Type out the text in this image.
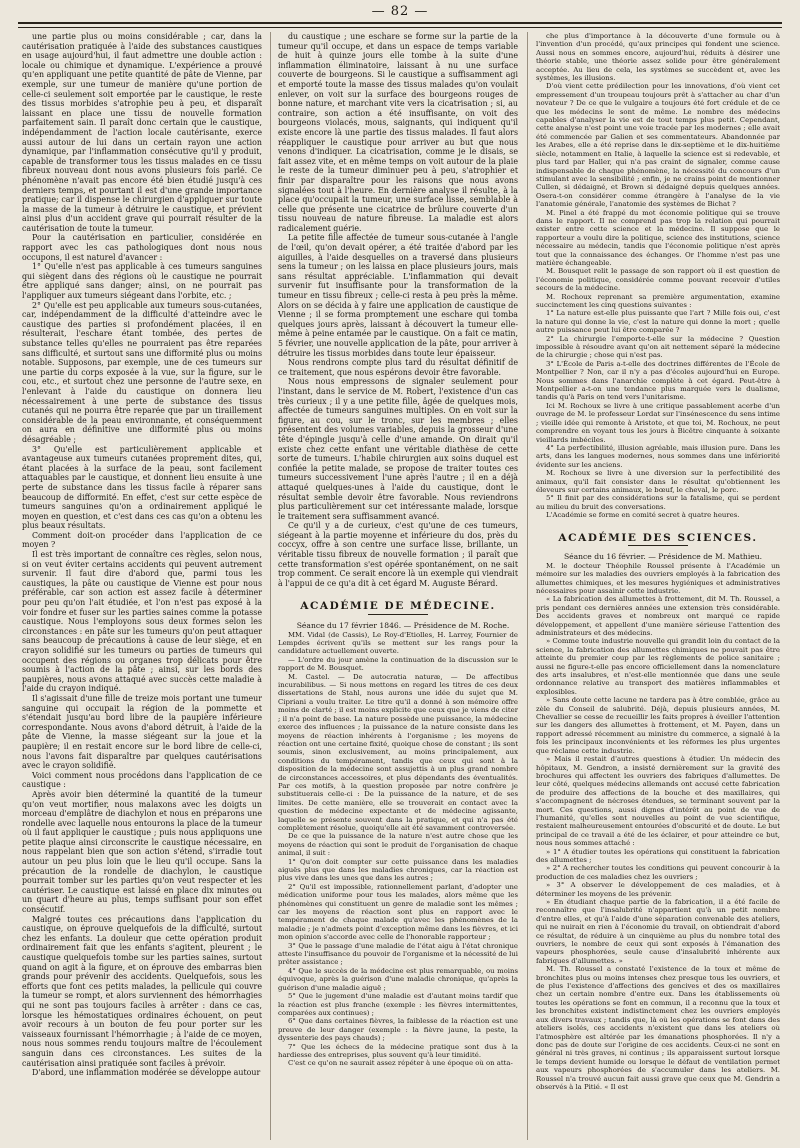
— 82 —

une partie plus ou moins considérable ; car, dans la cautérisation pratiquée à l'aide des substances caustiques en usage aujourd'hui, il faut admettre une double action : locale ou chimique et dynamique. L'expérience a prouvé qu'en appliquant une petite quantité de pâte de Vienne, par exemple, sur une tumeur de manière qu'une portion de celle-ci seulement soit emportée par le caustique, le reste des tissus morbides s'atrophie peu à peu, et disparaît laissant en place une tissu de nouvelle formation parfaitement sain. Il paraît donc certain que le caustique, indépendamment de l'action locale cautérisante, exerce aussi autour de lui dans un certain rayon une action dynamique, par l'inflammation consécutive qu'il y produit, capable de transformer tous les tissus malades en ce tissu fibreux nouveau dont nous avons plusieurs fois parlé. Ce phénomène n'avait pas encore été bien étudié jusqu'à ces derniers temps, et pourtant il est d'une grande importance pratique; car il dispense le chirurgien d'appliquer sur toute la masse de la tumeur à détruire le caustique, et prévient ainsi plus d'un accident grave qui pourrait résulter de la cautérisation de toute la tumeur.

Pour la cautérisation en particulier, considérée en rapport avec les cas pathologiques dont nous nous occupons, il est naturel d'avancer :

1° Qu'elle n'est pas applicable à ces tumeurs sanguines qui siègent dans des régions où le caustique ne pourrait être appliqué sans danger; ainsi, on ne pourrait pas l'appliquer aux tumeurs siégeant dans l'orbite, etc. ;

2° Qu'elle est peu applicable aux tumeurs sous-cutanées, car, indépendamment de la difficulté d'atteindre avec le caustique des parties si profondément placées, il en résulterait, l'eschare étant tombée, des pertes de substance telles qu'elles ne pourraient pas être reparées sans difficulté, et surtout sans une difformité plus ou moins notable. Supposons, par exemple, une de ces tumeurs sur une partie du corps exposée à la vue, sur la figure, sur le cou, etc., et surtout chez une personne de l'autre sexe, en l'enlevant à l'aide du caustique on donnera lieu nécessairement à une perte de substance des tissus cutanés qui ne pourra être reparée que par un tiraillement considérable de la peau environnante, et conséquemment on aura en définitive une difformité plus ou moins désagréable ;

3° Qu'elle est particulièrement applicable et avantageuse aux tumeurs cutanées proprement dites, qui, étant placées à la surface de la peau, sont facilement attaquables par le caustique, et donnent lieu ensuite à une perte de substance dans les tissus facile à réparer sans beaucoup de difformité. En effet, c'est sur cette espèce de tumeurs sanguines qu'on a ordinairement appliqué le moyen en question, et c'est dans ces cas qu'on a obtenu les plus beaux résultats.

Comment doit-on procéder dans l'application de ce moyen ?

Il est très important de connaître ces règles, selon nous, si on veut éviter certains accidents qui peuvent autrement survenir. Il faut dire d'abord que, parmi tous les caustiques, la pâte ou caustique de Vienne est pour nous préférable, car son action est assez facile à déterminer pour peu qu'on l'ait étudiée, et l'on n'est pas exposé à la voir fondre et fuser sur les parties saines comme la potasse caustique. Nous l'employons sous deux formes selon les circonstances : en pâte sur les tumeurs qu'on peut attaquer sans beaucoup de précautions à cause de leur siège, et en crayon solidifié sur les tumeurs ou parties de tumeurs qui occupent des régions ou organes trop délicats pour être soumis à l'action de la pâte ; ainsi, sur les bords des paupières, nous avons attaqué avec succès cette maladie à l'aide du crayon indiqué.

Il s'agissait d'une fille de treize mois portant une tumeur sanguine qui occupait la région de la pommette et s'étendait jusqu'au bord libre de la paupière inférieure correspondante. Nous avons d'abord détruit, à l'aide de la pâte de Vienne, la masse siégeant sur la joue et la paupière; il en restait encore sur le bord libre de celle-ci, nous l'avons fait disparaître par quelques cautérisations avec le crayon solidifié.

Voici comment nous procédons dans l'application de ce caustique :

Après avoir bien déterminé la quantité de la tumeur qu'on veut mortifier, nous malaxons avec les doigts un morceau d'emplâtre de diachylon et nous en préparons une rondelle avec laquelle nous entourons la place de la tumeur où il faut appliquer le caustique ; puis nous appliquons une petite plaque ainsi circonscrite le caustique nécessaire, en nous rappelant bien que son action s'étend, s'irradie tout autour un peu plus loin que le lieu qu'il occupe. Sans la précaution de la rondelle de diachylon, le caustique pourrait tomber sur les parties qu'on veut respecter et les cautériser. Le caustique est laissé en place dix minutes ou un quart d'heure au plus, temps suffisant pour son effet consécutif.

Malgré toutes ces précautions dans l'application du caustique, on éprouve quelquefois de la difficulté, surtout chez les enfants. La douleur que cette opération produit ordinairement fait que les enfants s'agitent, pleurent ; le caustique quelquefois tombe sur les parties saines, surtout quand on agit à la figure, et on éprouve des embarras bien grands pour prévenir des accidents. Quelquefois, sous les efforts que font ces petits malades, la pellicule qui couvre la tumeur se rompt, et alors surviennent des hémorrhagies qui ne sont pas toujours faciles à arrêter : dans ce cas, lorsque les hémostatiques ordinaires échouent, on peut avoir recours à un bouton de feu pour porter sur les vaisseaux fournissant l'hémorrhagie ; à l'aide de ce moyen, nous nous sommes rendu toujours maître de l'écoulement sanguin dans ces circonstances. Les suites de la cautérisation ainsi pratiquée sont faciles à prévoir.

D'abord, une inflammation modérée se développe autour

du caustique ; une eschare se forme sur la partie de la tumeur qu'il occupe, et dans un espace de temps variable de huit à quinze jours elle tombe à la suite d'une inflammation éliminatoire, laissant à nu une surface couverte de bourgeons. Si le caustique a suffisamment agi et emporté toute la masse des tissus malades qu'on voulait enlever, on voit sur la surface des bourgeons rouges de bonne nature, et marchant vite vers la cicatrisation ; si, au contraire, son action a été insuffisante, on voit des bourgeons violacés, mous, saignants, qui indiquent qu'il existe encore là une partie des tissus malades. Il faut alors réappliquer le caustique pour arriver au but que nous venons d'indiquer. La cicatrisation, comme je le disais, se fait assez vite, et en même temps on voit autour de la plaie le reste de la tumeur diminuer peu à peu, s'atrophier et finir par disparaître pour les raisons que nous avons signalées tout à l'heure. En dernière analyse il résulte, à la place qu'occupait la tumeur, une surface lisse, semblable à celle que présente une cicatrice de brûlure couverte d'un tissu nouveau de nature fibreuse. La maladie est alors radicalement guérie.

La petite fille affectée de tumeur sous-cutanée à l'angle de l'œil, qu'on devait opérer, a été traitée d'abord par les aiguilles, à l'aide desquelles on a traversé dans plusieurs sens la tumeur ; on les laissa en place plusieurs jours, mais sans résultat appréciable. L'inflammation qui devait survenir fut insuffisante pour la transformation de la tumeur en tissu fibreux ; celle-ci resta à peu près la même. Alors on se décida à y faire une application de caustique de Vienne ; il se forma promptement une eschare qui tomba quelques jours après, laissant à découvert la tumeur elle-même à peine entamée par le caustique. On a fait ce matin, 5 février, une nouvelle application de la pâte, pour arriver à détruire les tissus morbides dans toute leur épaisseur.

Nous rendrons compte plus tard du résultat définitif de ce traitement, que nous espérons devoir être favorable.

Nous nous empressons de signaler seulement pour l'instant, dans le service de M. Robert, l'existence d'un cas très curieux ; il y a une petite fille, âgée de quelques mois, affectée de tumeurs sanguines multiples. On en voit sur la figure, au cou, sur le tronc, sur les membres ; elles présentent des volumes variables, depuis la grosseur d'une tête d'épingle jusqu'à celle d'une amande. On dirait qu'il existe chez cette enfant une véritable diathèse de cette sorte de tumeurs. L'habile chirurgien aux soins duquel est confiée la petite malade, se propose de traiter toutes ces tumeurs successivement l'une après l'autre ; il en a déjà attaqué quelques-unes à l'aide du caustique, dont le résultat semble devoir être favorable. Nous reviendrons plus particulièrement sur cet intéressante malade, lorsque le traitement sera suffisamment avancé.

Ce qu'il y a de curieux, c'est qu'une de ces tumeurs, siégeant à la partie moyenne et inférieure du dos, près du coccyx, offre à son centre une surface lisse, brillante, un véritable tissu fibreux de nouvelle formation ; il paraît que cette transformation s'est opérée spontanément, on ne sait trop comment. Ce serait encore là un exemple qui viendrait à l'appui de ce qu'a dit à cet égard M. Auguste Bérard.

ACADÉMIE DE MÉDECINE.

Séance du 17 février 1846. — Présidence de M. Roche.

MM. Vidal (de Cassis), Le Roy-d'Etiolles, H. Larrey, Fournier de Lempdes écrivent qu'ils se mettent sur les rangs pour la candidature actuellement ouverte.

— L'ordre du jour amène la continuation de la discussion sur le rapport de M. Bousquet.

M. Castel. — De autocratia naturæ, — De affectibus incurabilibus. — Si nous mettons en regard les titres de ces deux dissertations de Stahl, nous aurons une idée du sujet que M. Cipriani a voulu traiter. Le titre qu'il a donné à son mémoire offre moins de clarté ; il est moins explicite que ceux que je viens de citer ; il n'a point de base. La nature possède une puissance, la médecine exerce des influences ; la puissance de la nature consiste dans les moyens de réaction inhérents à l'organisme ; les moyens de réaction ont une certaine fixité, quoique chose de constant ; ils sont soumis, sinon exclusivement, au moins principalement, aux conditions du tempérament, tandis que ceux qui sont à la disposition de la médecine sont assujettis à un plus grand nombre de circonstances accessoires, et plus dépendants des éventualités. Par ces motifs, à la question proposée par notre confrère je substituerais celle-ci : De la puissance de la nature, et de ses limites. De cette manière, elle se trouverait en contact avec la question de médecine expectante et de médecine agissante, laquelle se présente souvent dans la pratique, et qui n'a pas été complètement résolue, quoiqu'elle ait été savamment controversée.

De ce que la puissance de la nature n'est autre chose que les moyens de réaction qui sont le produit de l'organisation de chaque animal, il suit :

1° Qu'on doit compter sur cette puissance dans les maladies aiguës plus que dans les maladies chroniques, car la réaction est plus vive dans les unes que dans les autres ;

2° Qu'il est impossible, rationnellement parlant, d'adopter une médication uniforme pour tous les malades, alors même que les phénomènes qui constituent un genre de maladie sont les mêmes ; car les moyens de réaction sont plus en rapport avec le tempérament de chaque malade qu'avec les phénomènes de la maladie ; je n'admets point d'exception même dans les fièvres, et ici mon opinion s'accorde avec celle de l'honorable rapporteur ;

3° Que le passage d'une maladie de l'état aigu à l'état chronique atteste l'insuffisance du pouvoir de l'organisme et la nécessité de lui prêter assistance ;

4° Que le succès de la médecine est plus remarquable, ou moins équivoque, après la guérison d'une maladie chronique, qu'après la guérison d'une maladie aiguë ;

5° Que le jugement d'une maladie est d'autant moins tardif que la réaction est plus franche (exemple : les fièvres intermittentes, comparées aux continues) ;

6° Que dans certaines fièvres, la faiblesse de la réaction est une preuve de leur danger (exemple : la fièvre jaune, la peste, la dyssenterie des pays chauds) ;

7° Que les échecs de la médecine pratique sont dus à la hardiesse des entreprises, plus souvent qu'à leur timidité.

C'est ce qu'on ne saurait assez répéter à une époque où on atta-

che plus d'importance à la découverte d'une formule ou à l'invention d'un procédé, qu'aux principes qui fondent une science. Aussi nous en sommes encore, aujourd'hui, réduits à désirer une théorie stable, une théorie assez solide pour être généralement acceptée. Au lieu de cela, les systèmes se succèdent et, avec les systèmes, les illusions.

D'où vient cette prédilection pour les innovations, d'où vient cet empressement d'un troupeau toujours prêt à s'attacher au char d'un novateur ? De ce que le vulgaire a toujours été fort crédule et de ce que les médecins le sont de même. Le nombre des médecins capables d'analyser la vie est de tout temps plus petit. Cependant, cette analyse n'est point une voie tracée par les modernes ; elle avait été commencée par Galien et ses commentateurs. Abandonnée par les Arabes, elle a été reprise dans le dix-septième et le dix-huitième siècle, notamment en Italie, à laquelle la science est si redevable, et plus tard par Haller, qui n'a pas craint de signaler, comme cause indispensable de chaque phénomène, la nécessité du concours d'un stimulant avec la sensibilité ; enfin, je ne crains point de mentionner Cullen, si dédaigné, et Brown si dédaigné depuis quelques années. Osera-t-on considérer comme étrangère à l'analyse de la vie l'anatomie générale, l'anatomie des systèmes de Bichat ?

M. Pinel a été frappé du mot économie politique qui se trouve dans le rapport. Il ne comprend pas trop la relation qui pourrait exister entre cette science et la médecine. Il suppose que le rapporteur a voulu dire la politique, science des institutions, science nécessaire au médecin, tandis que l'économie politique n'est après tout que la connaissance des échanges. Or l'homme n'est pas une matière échangeable.

M. Bousquet relit le passage de son rapport où il est question de l'économie politique, considérée comme pouvant recevoir d'utiles secours de la médecine.

M. Rochoux reprenant sa première argumentation, examine succinctement les cinq questions suivantes :

1° La nature est-elle plus puissante que l'art ? Mille fois oui, c'est la nature qui donne la vie, c'est la nature qui donne la mort ; quelle autre puissance peut lui être comparée ?

2° La chirurgie l'emporte-t-elle sur la médecine ? Question impossible à résoudre avant qu'on ait nettement séparé la médecine de la chirurgie ; chose qui n'est pas.

3° L'École de Paris a-t-elle des doctrines différentes de l'École de Montpellier ? Non, car il n'y a pas d'écoles aujourd'hui en Europe. Nous sommes dans l'anarchie complète à cet égard. Peut-être à Montpellier a-t-on une tendance plus marquée vers le dualisme, tandis qu'à Paris on tend vers l'unitarisme.

Ici M. Rochoux se livre à une critique passablement acerbe d'un ouvrage de M. le professeur Lordat sur l'insénescence du sens intime ; vieille idée qui remonte à Aristote, et que toi, M. Rochoux, ne peut comprendre en voyant tous les jours à Bicêtre cinquante à soixante vieillards imbéciles.

4° La perfectibilité, illusion agréable, mais illusion pure. Dans les arts, dans les langues modernes, nous sommes dans une infériorité évidente sur les anciens.

M. Rochoux se livre à une diversion sur la perfectibilité des animaux, qu'il fait consister dans le résultat qu'obtiennent les éleveurs sur certains animaux, le bœuf, le cheval, le porc.

5° Il finit par des considérations sur la fatalisme, qui se perdent au milieu du bruit des conversations.

L'Académie se forme en comité secret à quatre heures.

ACADÉMIE DES SCIENCES.

Séance du 16 février. — Présidence de M. Mathieu.

M. le docteur Théophile Roussel présente à l'Académie un mémoire sur les maladies des ouvriers employés à la fabrication des allumettes chimiques, et les mesures hygiéniques et administratives nécessaires pour assainir cette industrie.

« La fabrication des allumettes à frottement, dit M. Th. Roussel, a pris pendant ces dernières années une extension très considérable. Des accidents graves et nombreux ont marqué ce rapide développement, et appellent d'une manière sérieuse l'attention des administrateurs et des médecins.

» Comme toute industrie nouvelle qui grandit loin du contact de la science, la fabrication des allumettes chimiques ne pouvait pas être atteinte du premier coup par les règlements de police sanitaire ; aussi ne figure-t-elle pas encore officiellement dans la nomenclature des arts insalubres, et n'est-elle mentionnée que dans une seule ordonnance relative au transport des matières inflammables et explosibles.

» Sans doute cette lacune ne tardera pas à être comblée, grâce au zèle du Conseil de salubrité. Déjà, depuis plusieurs années, M. Chevallier se cesse de recueillir les faits propres à éveiller l'attention sur les dangers des allumettes à frottement, et M. Payen, dans un rapport adressé récemment au ministre du commerce, a signalé à la fois les principaux inconvénients et les réformes les plus urgentes que réclame cette industrie.

» Mais il restait d'autres questions à étudier. Un médecin des hôpitaux, M. Gendron, a insisté dernièrement sur la gravité des brochures qui affectent les ouvriers des fabriques d'allumettes. De leur côté, quelques médecins allemands ont accusé cette fabrication de produire des affections de la bouche et des maxillaires, qui s'accompagnent de nécroses étendues, se terminant souvent par la mort. Ces questions, aussi dignes d'intérêt au point de vue de l'humanité, qu'elles sont nouvelles au point de vue scientifique, restaient malheureusement entourées d'obscurité et de doute. Le but principal de ce travail a été de les éclairer, et pour atteindre ce but, nous nous sommes attaché :

» 1° A étudier toutes les opérations qui constituent la fabrication des allumettes ;

» 2° A rechercher toutes les conditions qui peuvent concourir à la production de ces maladies chez les ouvriers ;

» 3° A observer le développement de ces maladies, et à déterminer les moyens de les prévenir.

» En étudiant chaque partie de la fabrication, il a été facile de reconnaître que l'insalubrité n'appartient qu'à un petit nombre d'entre elles, et qu'à l'aide d'une séparation convenable des ateliers, qui ne nuirait en rien à l'économie du travail, on obtiendrait d'abord ce résultat, de réduire à un cinquième au plus du nombre total des ouvriers, le nombre de ceux qui sont exposés à l'émanation des vapeurs phosphorées, seule cause d'insalubrité inhérente aux fabriques d'allumettes. »

M. Th. Roussel a constaté l'existence de la toux et même de bronchites plus ou moins intenses chez presque tous les ouvriers, et de plus l'existence d'affections des gencives et des os maxillaires chez un certain nombre d'entre eux. Dans les établissements où toutes les opérations se font en commun, il a reconnu que la toux et les bronchites existent indistinctement chez les ouvriers employés aux divers travaux ; tandis que, là où les opérations se font dans des ateliers isolés, ces accidents n'existent que dans les ateliers où l'atmosphère est altérée par les émanations phosphorées. Il n'y a donc pas de doute sur l'origine de ces accidents. Ceux-ci ne sont en général ni très graves, ni continus ; ils apparaissent surtout lorsque le temps devient humide ou lorsque le défaut de ventilation permet aux vapeurs phosphorées de s'accumuler dans les ateliers. M. Roussel n'a trouvé aucun fait aussi grave que ceux que M. Gendrin a observés à la Pitié. « Il est
